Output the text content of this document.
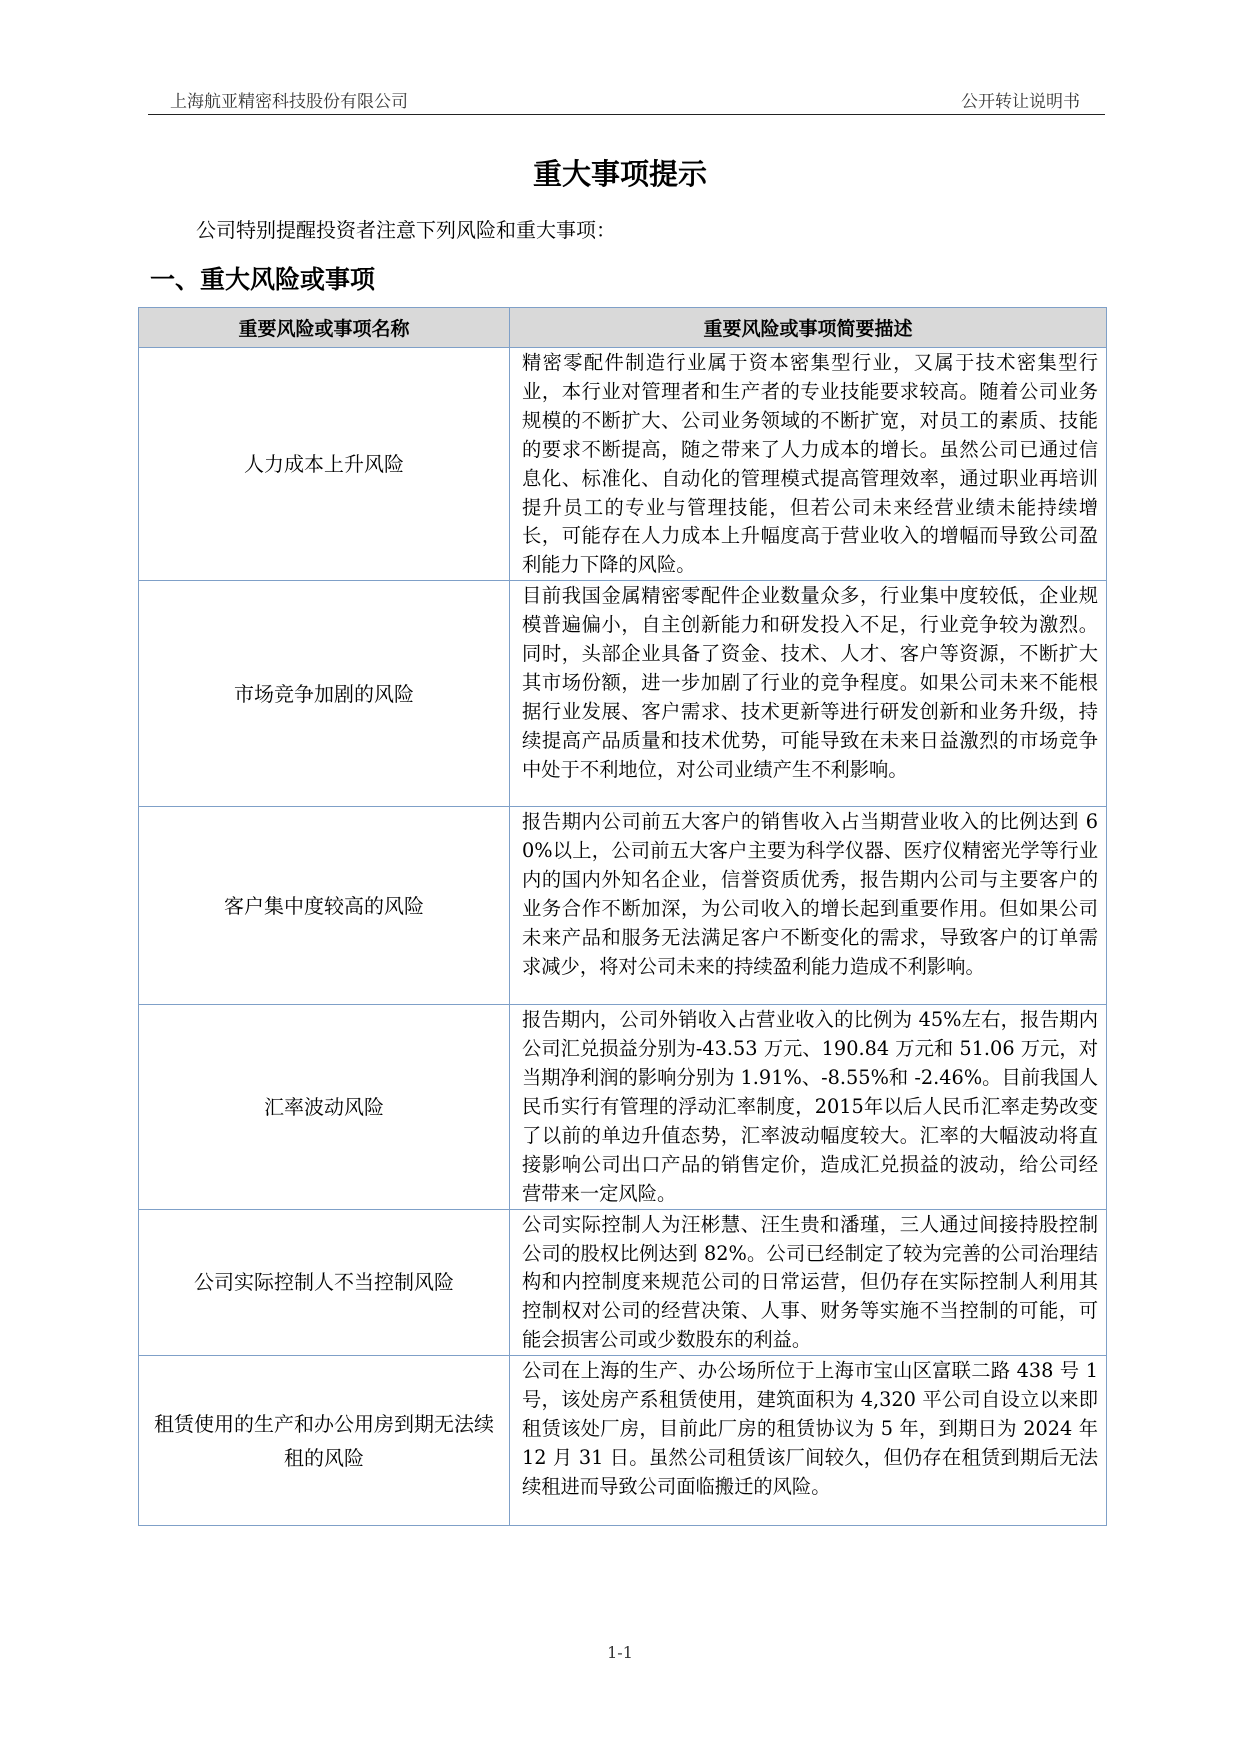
上海航亚精密科技股份有限公司	公开转让说明书
重大事项提示
公司特别提醒投资者注意下列风险和重大事项：
一、重大风险或事项
重要风险或事项名称	重要风险或事项简要描述
人力成本上升风险	精密零配件制造行业属于资本密集型行业，又属于技术密集型行业，本行业对管理者和生产者的专业技能要求较高。随着公司业务规模的不断扩大、公司业务领域的不断扩宽，对员工的素质、技能的要求不断提高，随之带来了人力成本的增长。虽然公司已通过信息化、标准化、自动化的管理模式提高管理效率，通过职业再培训提升员工的专业与管理技能，但若公司未来经营业绩未能持续增长，可能存在人力成本上升幅度高于营业收入的增幅而导致公司盈利能力下降的风险。
市场竞争加剧的风险	目前我国金属精密零配件企业数量众多，行业集中度较低，企业规模普遍偏小，自主创新能力和研发投入不足，行业竞争较为激烈。同时，头部企业具备了资金、技术、人才、客户等资源，不断扩大其市场份额，进一步加剧了行业的竞争程度。如果公司未来不能根据行业发展、客户需求、技术更新等进行研发创新和业务升级，持续提高产品质量和技术优势，可能导致在未来日益激烈的市场竞争中处于不利地位，对公司业绩产生不利影响。
客户集中度较高的风险	报告期内公司前五大客户的销售收入占当期营业收入的比例达到 60%以上，公司前五大客户主要为科学仪器、医疗仪精密光学等行业内的国内外知名企业，信誉资质优秀，报告期内公司与主要客户的业务合作不断加深，为公司收入的增长起到重要作用。但如果公司未来产品和服务无法满足客户不断变化的需求，导致客户的订单需求减少，将对公司未来的持续盈利能力造成不利影响。
汇率波动风险	报告期内，公司外销收入占营业收入的比例为 45%左右，报告期内公司汇兑损益分别为-43.53 万元、190.84 万元和 51.06 万元，对当期净利润的影响分别为 1.91%、-8.55%和 -2.46%。目前我国人民币实行有管理的浮动汇率制度，2015年以后人民币汇率走势改变了以前的单边升值态势，汇率波动幅度较大。汇率的大幅波动将直接影响公司出口产品的销售定价，造成汇兑损益的波动，给公司经营带来一定风险。
公司实际控制人不当控制风险	公司实际控制人为汪彬慧、汪生贵和潘瑾，三人通过间接持股控制公司的股权比例达到 82%。公司已经制定了较为完善的公司治理结构和内控制度来规范公司的日常运营，但仍存在实际控制人利用其控制权对公司的经营决策、人事、财务等实施不当控制的可能，可能会损害公司或少数股东的利益。
租赁使用的生产和办公用房到期无法续租的风险	公司在上海的生产、办公场所位于上海市宝山区富联二路 438 号 1 号，该处房产系租赁使用，建筑面积为 4,320 平公司自设立以来即租赁该处厂房，目前此厂房的租赁协议为 5 年，到期日为 2024 年 12 月 31 日。虽然公司租赁该厂间较久，但仍存在租赁到期后无法续租进而导致公司面临搬迁的风险。
1-1
